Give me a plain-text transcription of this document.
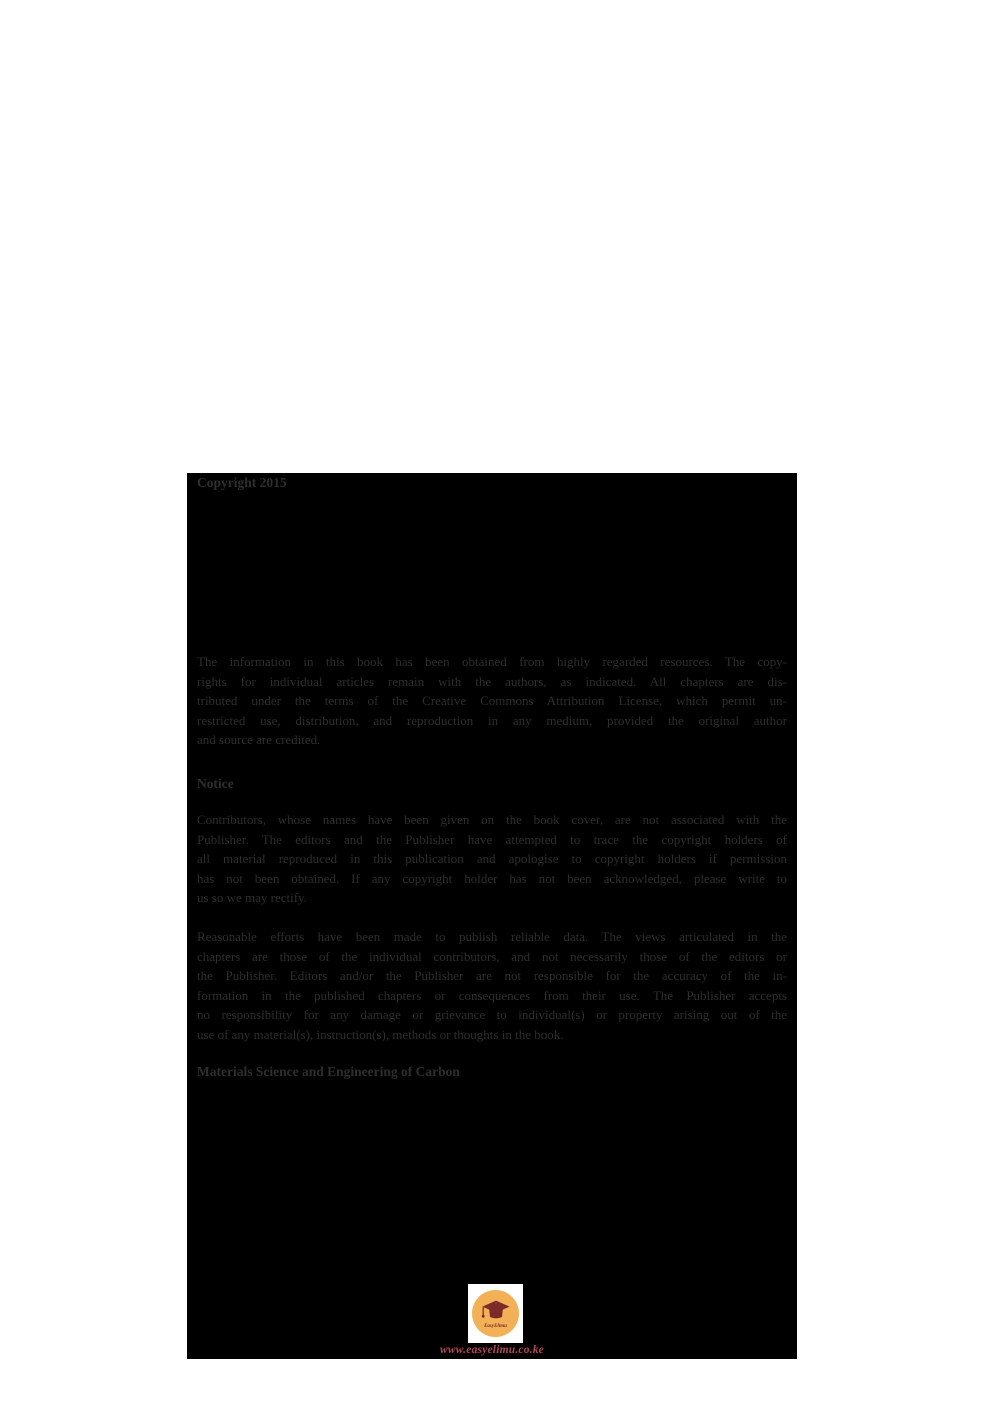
Copyright 2015
The information in this book has been obtained from highly regarded resources. The copy-
rights for individual articles remain with the authors, as indicated. All chapters are dis-
tributed under the terms of the Creative Commons Attribution License, which permit un-
restricted use, distribution, and reproduction in any medium, provided the original author
and source are credited.
Notice
Contributors, whose names have been given on the book cover, are not associated with the
Publisher. The editors and the Publisher have attempted to trace the copyright holders of
all material reproduced in this publication and apologise to copyright holders if permission
has not been obtained. If any copyright holder has not been acknowledged, please write to
us so we may rectify.
Reasonable efforts have been made to publish reliable data. The views articulated in the
chapters are those of the individual contributors, and not necessarily those of the editors or
the Publisher. Editors and/or the Publisher are not responsible for the accuracy of the in-
formation in the published chapters or consequences from their use. The Publisher accepts
no responsibility for any damage or grievance to individual(s) or property arising out of the
use of any material(s), instruction(s), methods or thoughts in the book.
Materials Science and Engineering of Carbon
EasyElimu
www.easyelimu.co.ke
